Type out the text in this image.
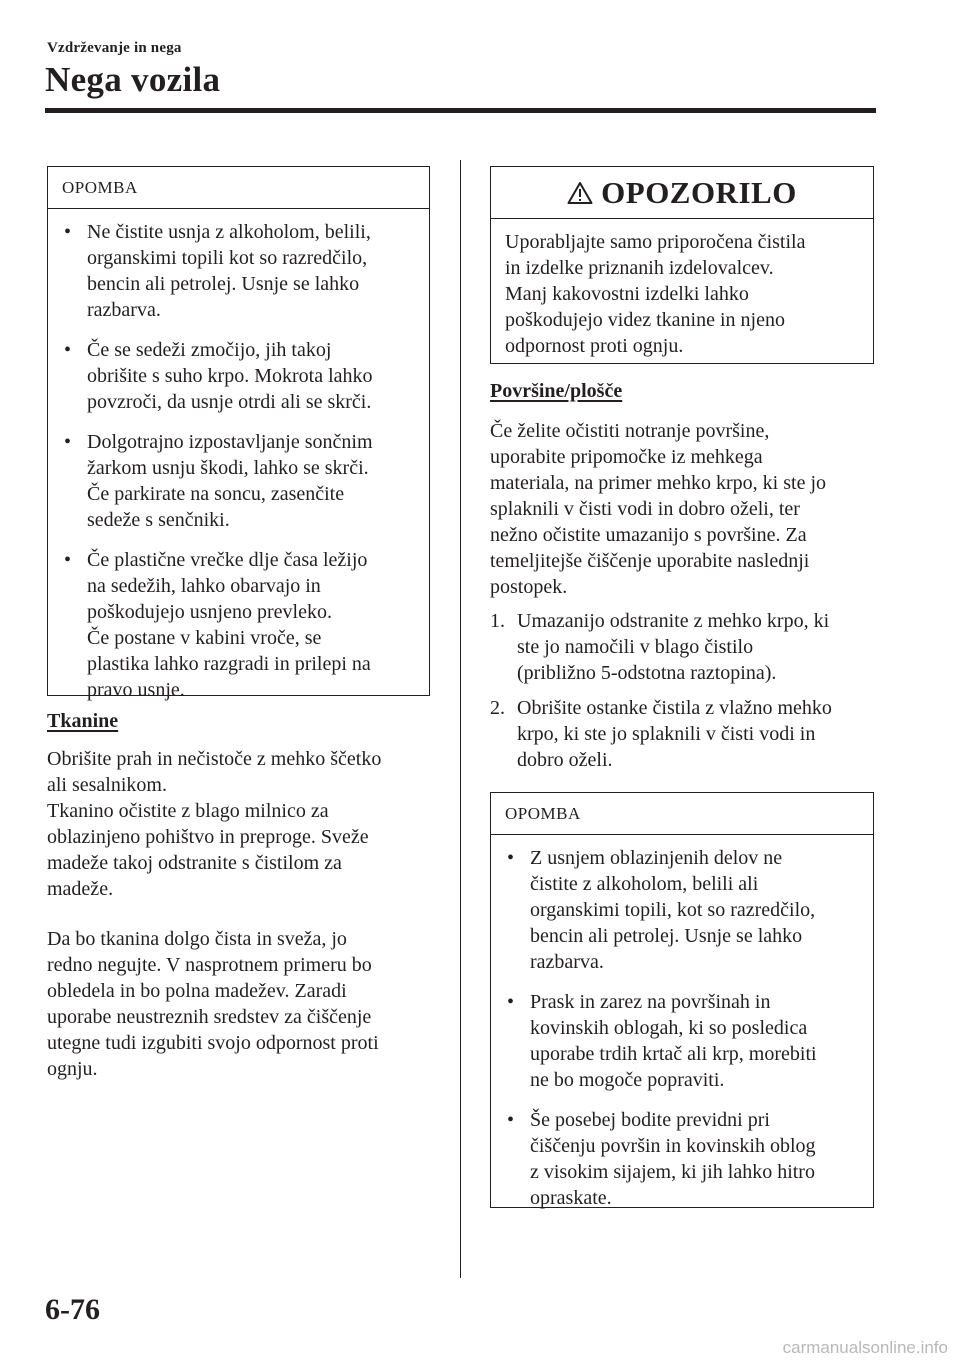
Vzdrževanje in nega
Nega vozila
OPOMBA
• Ne čistite usnja z alkoholom, belili,
organskimi topili kot so razredčilo,
bencin ali petrolej. Usnje se lahko
razbarva.
• Če se sedeži zmočijo, jih takoj
obrišite s suho krpo. Mokrota lahko
povzroči, da usnje otrdi ali se skrči.
• Dolgotrajno izpostavljanje sončnim
žarkom usnju škodi, lahko se skrči.
Če parkirate na soncu, zasenčite
sedeže s senčniki.
• Če plastične vrečke dlje časa ležijo
na sedežih, lahko obarvajo in
poškodujejo usnjeno prevleko.
Če postane v kabini vroče, se
plastika lahko razgradi in prilepi na
pravo usnje.
Tkanine

Obrišite prah in nečistoče z mehko ščetko
ali sesalnikom.
Tkanino očistite z blago milnico za
oblazinjeno pohištvo in preproge. Sveže
madeže takoj odstranite s čistilom za
madeže.

Da bo tkanina dolgo čista in sveža, jo
redno negujte. V nasprotnem primeru bo
obledela in bo polna madežev. Zaradi
uporabe neustreznih sredstev za čiščenje
utegne tudi izgubiti svojo odpornost proti
ognju.

OPOZORILO
Uporabljajte samo priporočena čistila
in izdelke priznanih izdelovalcev.
Manj kakovostni izdelki lahko
poškodujejo videz tkanine in njeno
odpornost proti ognju.
Površine/plošče

Če želite očistiti notranje površine,
uporabite pripomočke iz mehkega
materiala, na primer mehko krpo, ki ste jo
splaknili v čisti vodi in dobro oželi, ter
nežno očistite umazanijo s površine. Za
temeljitejše čiščenje uporabite naslednji
postopek.

1. Umazanijo odstranite z mehko krpo, ki
ste jo namočili v blago čistilo
(približno 5-odstotna raztopina).
2. Obrišite ostanke čistila z vlažno mehko
krpo, ki ste jo splaknili v čisti vodi in
dobro oželi.
OPOMBA
• Z usnjem oblazinjenih delov ne
čistite z alkoholom, belili ali
organskimi topili, kot so razredčilo,
bencin ali petrolej. Usnje se lahko
razbarva.
• Prask in zarez na površinah in
kovinskih oblogah, ki so posledica
uporabe trdih krtač ali krp, morebiti
ne bo mogoče popraviti.
• Še posebej bodite previdni pri
čiščenju površin in kovinskih oblog
z visokim sijajem, ki jih lahko hitro
opraskate.
6-76
carmanualsonline.info
